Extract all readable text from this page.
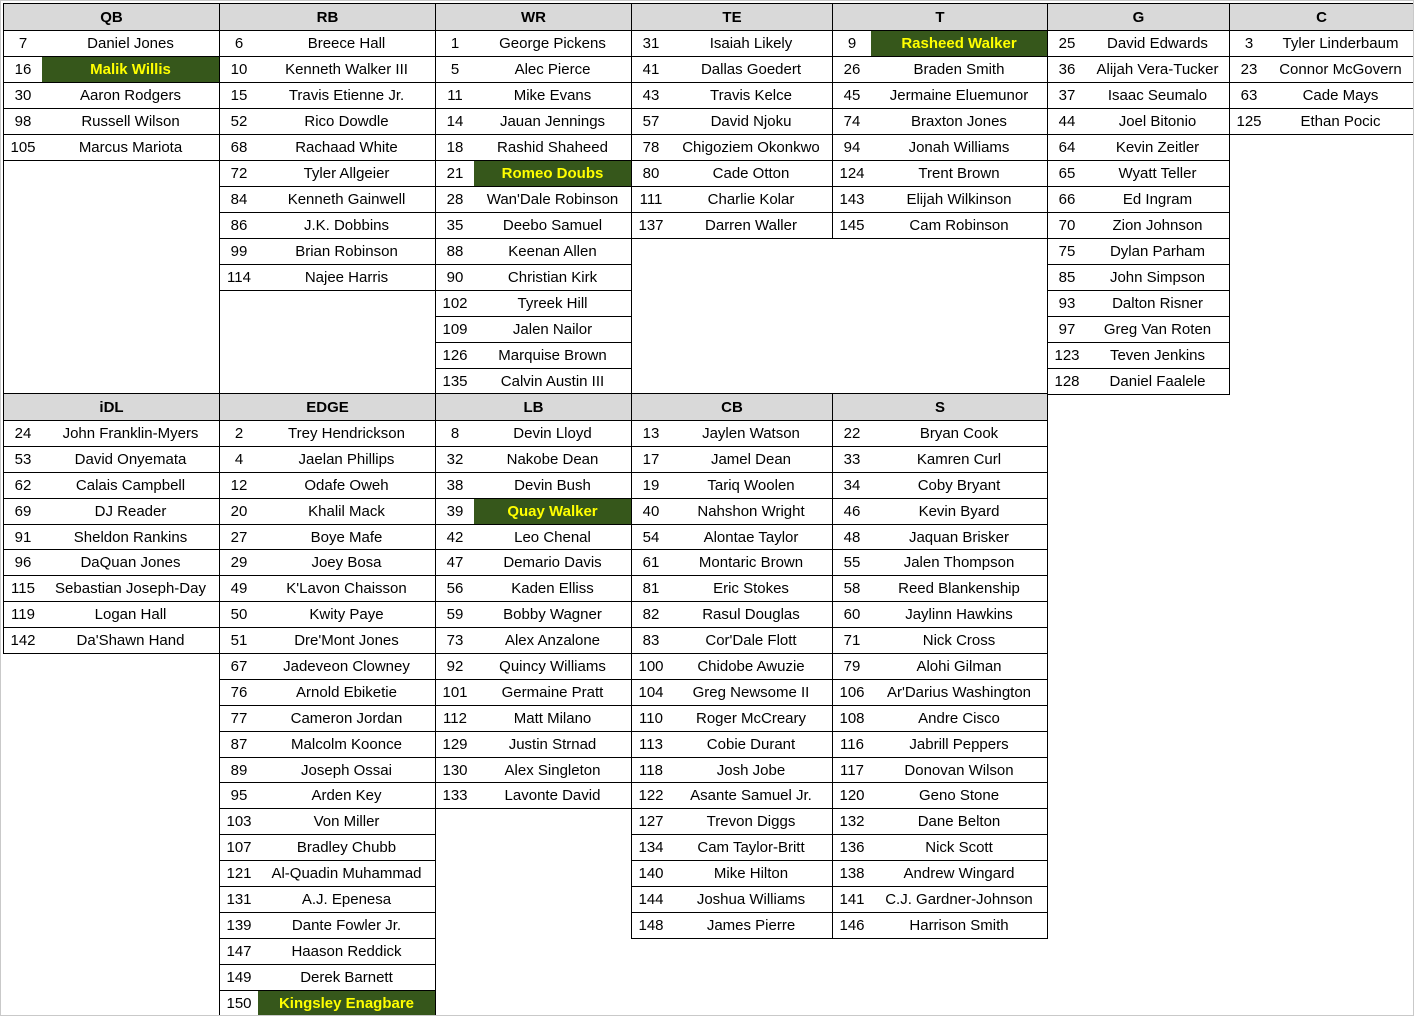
QB
7	Daniel Jones
16	Malik Willis
30	Aaron Rodgers
98	Russell Wilson
105	Marcus Mariota
RB
6	Breece Hall
10	Kenneth Walker III
15	Travis Etienne Jr.
52	Rico Dowdle
68	Rachaad White
72	Tyler Allgeier
84	Kenneth Gainwell
86	J.K. Dobbins
99	Brian Robinson
114	Najee Harris
WR
1	George Pickens
5	Alec Pierce
11	Mike Evans
14	Jauan Jennings
18	Rashid Shaheed
21	Romeo Doubs
28	Wan'Dale Robinson
35	Deebo Samuel
88	Keenan Allen
90	Christian Kirk
102	Tyreek Hill
109	Jalen Nailor
126	Marquise Brown
135	Calvin Austin III
TE
31	Isaiah Likely
41	Dallas Goedert
43	Travis Kelce
57	David Njoku
78	Chigoziem Okonkwo
80	Cade Otton
111	Charlie Kolar
137	Darren Waller
T
9	Rasheed Walker
26	Braden Smith
45	Jermaine Eluemunor
74	Braxton Jones
94	Jonah Williams
124	Trent Brown
143	Elijah Wilkinson
145	Cam Robinson
G
25	David Edwards
36	Alijah Vera-Tucker
37	Isaac Seumalo
44	Joel Bitonio
64	Kevin Zeitler
65	Wyatt Teller
66	Ed Ingram
70	Zion Johnson
75	Dylan Parham
85	John Simpson
93	Dalton Risner
97	Greg Van Roten
123	Teven Jenkins
128	Daniel Faalele
C
3	Tyler Linderbaum
23	Connor McGovern
63	Cade Mays
125	Ethan Pocic
iDL
24	John Franklin-Myers
53	David Onyemata
62	Calais Campbell
69	DJ Reader
91	Sheldon Rankins
96	DaQuan Jones
115	Sebastian Joseph-Day
119	Logan Hall
142	Da'Shawn Hand
EDGE
2	Trey Hendrickson
4	Jaelan Phillips
12	Odafe Oweh
20	Khalil Mack
27	Boye Mafe
29	Joey Bosa
49	K'Lavon Chaisson
50	Kwity Paye
51	Dre'Mont Jones
67	Jadeveon Clowney
76	Arnold Ebiketie
77	Cameron Jordan
87	Malcolm Koonce
89	Joseph Ossai
95	Arden Key
103	Von Miller
107	Bradley Chubb
121	Al-Quadin Muhammad
131	A.J. Epenesa
139	Dante Fowler Jr.
147	Haason Reddick
149	Derek Barnett
150	Kingsley Enagbare
LB
8	Devin Lloyd
32	Nakobe Dean
38	Devin Bush
39	Quay Walker
42	Leo Chenal
47	Demario Davis
56	Kaden Elliss
59	Bobby Wagner
73	Alex Anzalone
92	Quincy Williams
101	Germaine Pratt
112	Matt Milano
129	Justin Strnad
130	Alex Singleton
133	Lavonte David
CB
13	Jaylen Watson
17	Jamel Dean
19	Tariq Woolen
40	Nahshon Wright
54	Alontae Taylor
61	Montaric Brown
81	Eric Stokes
82	Rasul Douglas
83	Cor'Dale Flott
100	Chidobe Awuzie
104	Greg Newsome II
110	Roger McCreary
113	Cobie Durant
118	Josh Jobe
122	Asante Samuel Jr.
127	Trevon Diggs
134	Cam Taylor-Britt
140	Mike Hilton
144	Joshua Williams
148	James Pierre
S
22	Bryan Cook
33	Kamren Curl
34	Coby Bryant
46	Kevin Byard
48	Jaquan Brisker
55	Jalen Thompson
58	Reed Blankenship
60	Jaylinn Hawkins
71	Nick Cross
79	Alohi Gilman
106	Ar'Darius Washington
108	Andre Cisco
116	Jabrill Peppers
117	Donovan Wilson
120	Geno Stone
132	Dane Belton
136	Nick Scott
138	Andrew Wingard
141	C.J. Gardner-Johnson
146	Harrison Smith
